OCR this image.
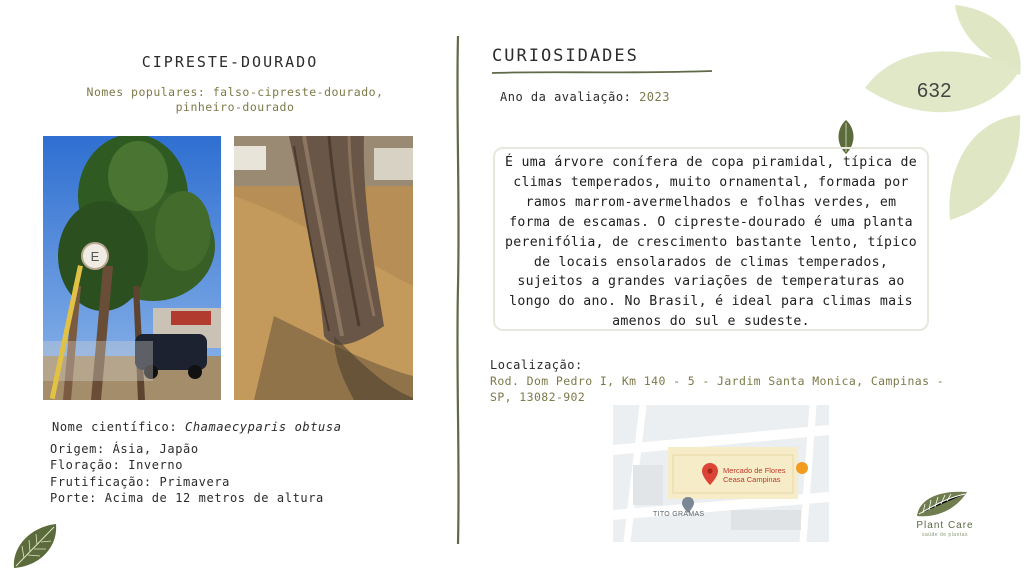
632
CIPRESTE-DOURADO
Nomes populares: falso-cipreste-dourado, pinheiro-dourado
E
Nome científico: Chamaecyparis obtusa
Origem: Ásia, Japão
Floração: Inverno
Frutificação: Primavera
Porte: Acima de 12 metros de altura
CURIOSIDADES
Ano da avaliação: 2023
É uma árvore conífera de copa piramidal, típica de climas temperados, muito ornamental, formada por ramos marrom-avermelhados e folhas verdes, em forma de escamas. O cipreste-dourado é uma planta perenifólia, de crescimento bastante lento, típico de locais ensolarados de climas temperados, sujeitos a grandes variações de temperaturas ao longo do ano. No Brasil, é ideal para climas mais amenos do sul e sudeste.
Localização:
Rod. Dom Pedro I, Km 140 - 5 - Jardim Santa Monica, Campinas - SP, 13082-902
Mercado de Flores
Ceasa Campinas
TITO GRAMAS
Plant Care
saúde de plantas
